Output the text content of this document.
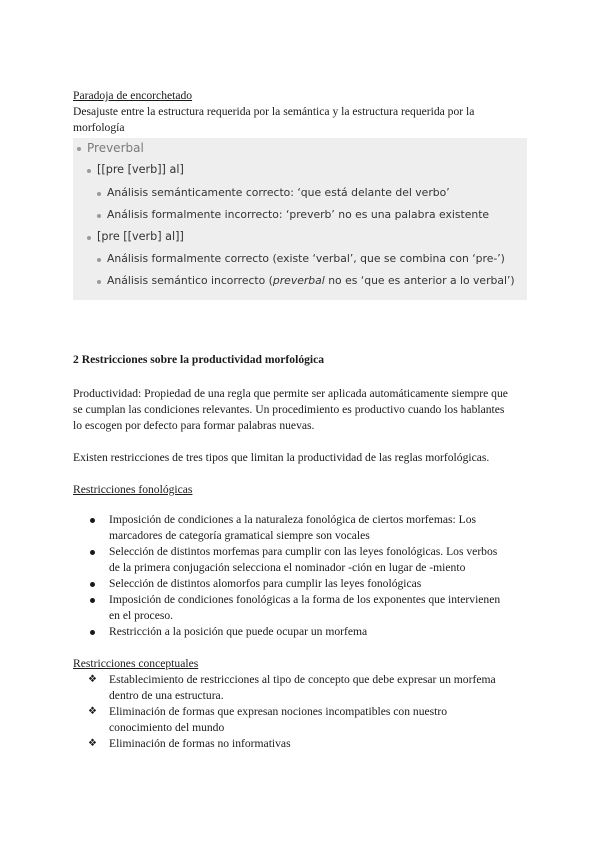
Paradoja de encorchetado
Desajuste entre la estructura requerida por la semántica y la estructura requerida por la
morfología
Preverbal
[[pre [verb]] al]
Análisis semánticamente correcto: ‘que está delante del verbo’
Análisis formalmente incorrecto: ‘preverb’ no es una palabra existente
[pre [[verb] al]]
Análisis formalmente correcto (existe ‘verbal’, que se combina con ‘pre-’)
Análisis semántico incorrecto (preverbal no es ‘que es anterior a lo verbal’)
2 Restricciones sobre la productividad morfológica
Productividad: Propiedad de una regla que permite ser aplicada automáticamente siempre que
se cumplan las condiciones relevantes. Un procedimiento es productivo cuando los hablantes
lo escogen por defecto para formar palabras nuevas.
Existen restricciones de tres tipos que limitan la productividad de las reglas morfológicas.
Restricciones fonológicas
Imposición de condiciones a la naturaleza fonológica de ciertos morfemas: Los
marcadores de categoría gramatical siempre son vocales
Selección de distintos morfemas para cumplir con las leyes fonológicas. Los verbos
de la primera conjugación selecciona el nominador -ción en lugar de -miento
Selección de distintos alomorfos para cumplir las leyes fonológicas
Imposición de condiciones fonológicas a la forma de los exponentes que intervienen
en el proceso.
Restricción a la posición que puede ocupar un morfema
Restricciones conceptuales
❖ Establecimiento de restricciones al tipo de concepto que debe expresar un morfema
dentro de una estructura.
❖ Eliminación de formas que expresan nociones incompatibles con nuestro
conocimiento del mundo
❖ Eliminación de formas no informativas
